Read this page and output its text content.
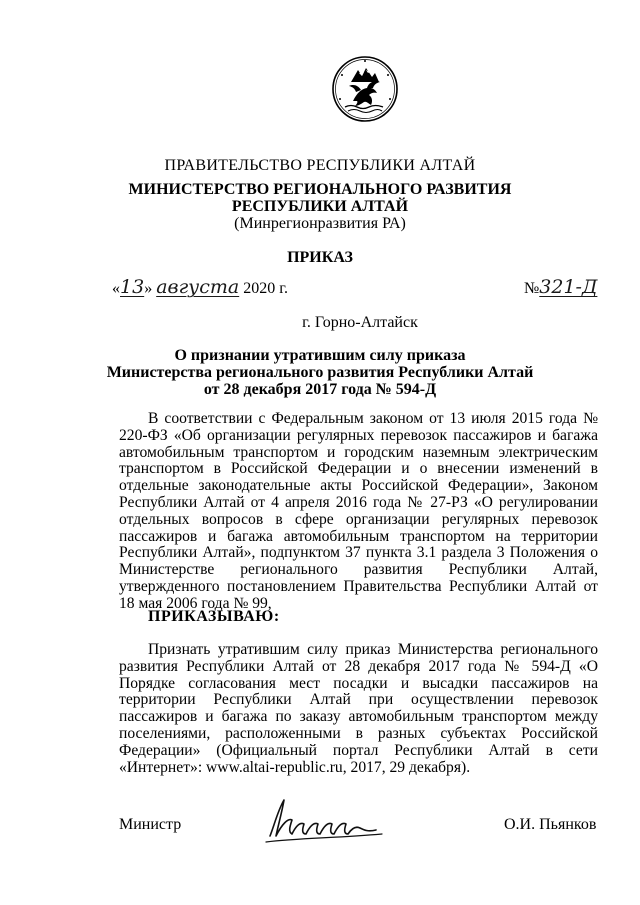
ПРАВИТЕЛЬСТВО РЕСПУБЛИКИ АЛТАЙ
МИНИСТЕРСТВО РЕГИОНАЛЬНОГО РАЗВИТИЯ
РЕСПУБЛИКИ АЛТАЙ
(Минрегионразвития РА)
ПРИКАЗ
«13» августа 2020 г.	№321-Д
г. Горно-Алтайск
О признании утратившим силу приказа
Министерства регионального развития Республики Алтай
от 28 декабря 2017 года № 594-Д

В соответствии с Федеральным законом от 13 июля 2015 года № 220-ФЗ «Об организации регулярных перевозок пассажиров и багажа автомобильным транспортом и городским наземным электрическим транспортом в Российской Федерации и о внесении изменений в отдельные законодательные акты Российской Федерации», Законом Республики Алтай от 4 апреля 2016 года № 27-РЗ «О регулировании отдельных вопросов в сфере организации регулярных перевозок пассажиров и багажа автомобильным транспортом на территории Республики Алтай», подпунктом 37 пункта 3.1 раздела 3 Положения о Министерстве регионального развития Республики Алтай, утвержденного постановлением Правительства Республики Алтай от 18 мая 2006 года № 99,

ПРИКАЗЫВАЮ:

Признать утратившим силу приказ Министерства регионального развития Республики Алтай от 28 декабря 2017 года № 594-Д «О Порядке согласования мест посадки и высадки пассажиров на территории Республики Алтай при осуществлении перевозок пассажиров и багажа по заказу автомобильным транспортом между поселениями, расположенными в разных субъектах Российской Федерации» (Официальный портал Республики Алтай в сети «Интернет»: www.altai-republic.ru, 2017, 29 декабря).

Министр	О.И. Пьянков
